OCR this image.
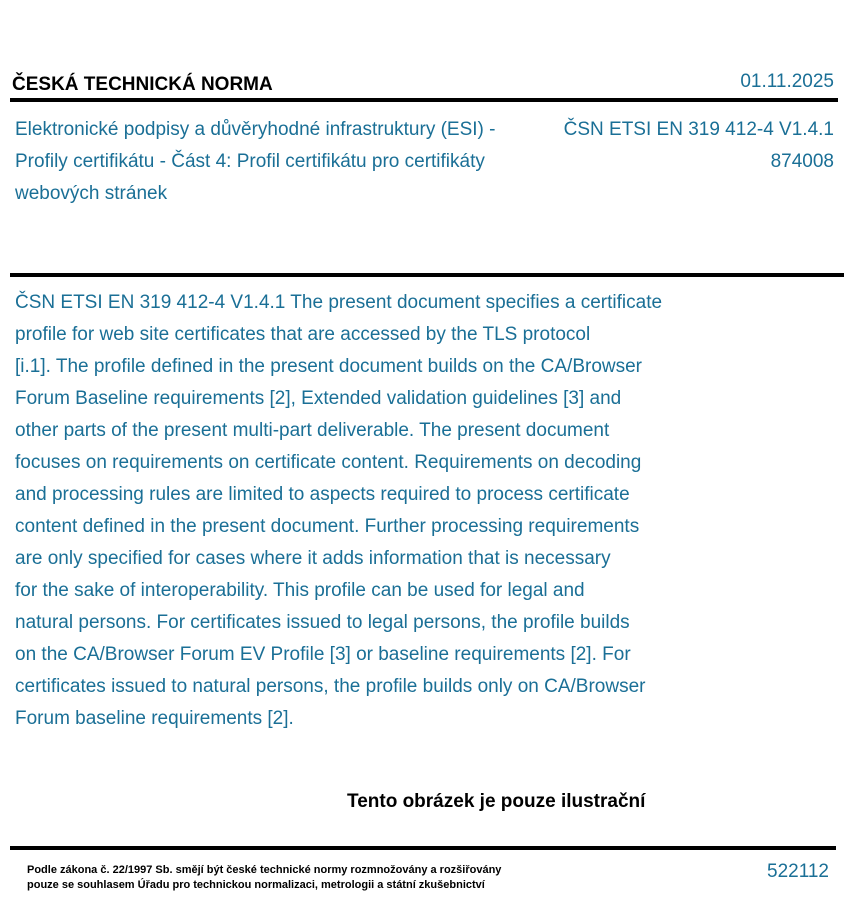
ČESKÁ TECHNICKÁ NORMA	01.11.2025
Elektronické podpisy a důvěryhodné infrastruktury (ESI) - Profily certifikátu - Část 4: Profil certifikátu pro certifikáty webových stránek
ČSN ETSI EN 319 412-4 V1.4.1
874008
ČSN ETSI EN 319 412-4 V1.4.1 The present document specifies a certificate
profile for web site certificates that are accessed by the TLS protocol
[i.1]. The profile defined in the present document builds on the CA/Browser
Forum Baseline requirements [2], Extended validation guidelines [3] and
other parts of the present multi-part deliverable. The present document
focuses on requirements on certificate content. Requirements on decoding
and processing rules are limited to aspects required to process certificate
content defined in the present document. Further processing requirements
are only specified for cases where it adds information that is necessary
for the sake of interoperability. This profile can be used for legal and
natural persons. For certificates issued to legal persons, the profile builds
on the CA/Browser Forum EV Profile [3] or baseline requirements [2]. For
certificates issued to natural persons, the profile builds only on CA/Browser
Forum baseline requirements [2].
Tento obrázek je pouze ilustrační
Podle zákona č. 22/1997 Sb. smějí být české technické normy rozmnožovány a rozšiřovány
pouze se souhlasem Úřadu pro technickou normalizaci, metrologii a státní zkušebnictví
522112
